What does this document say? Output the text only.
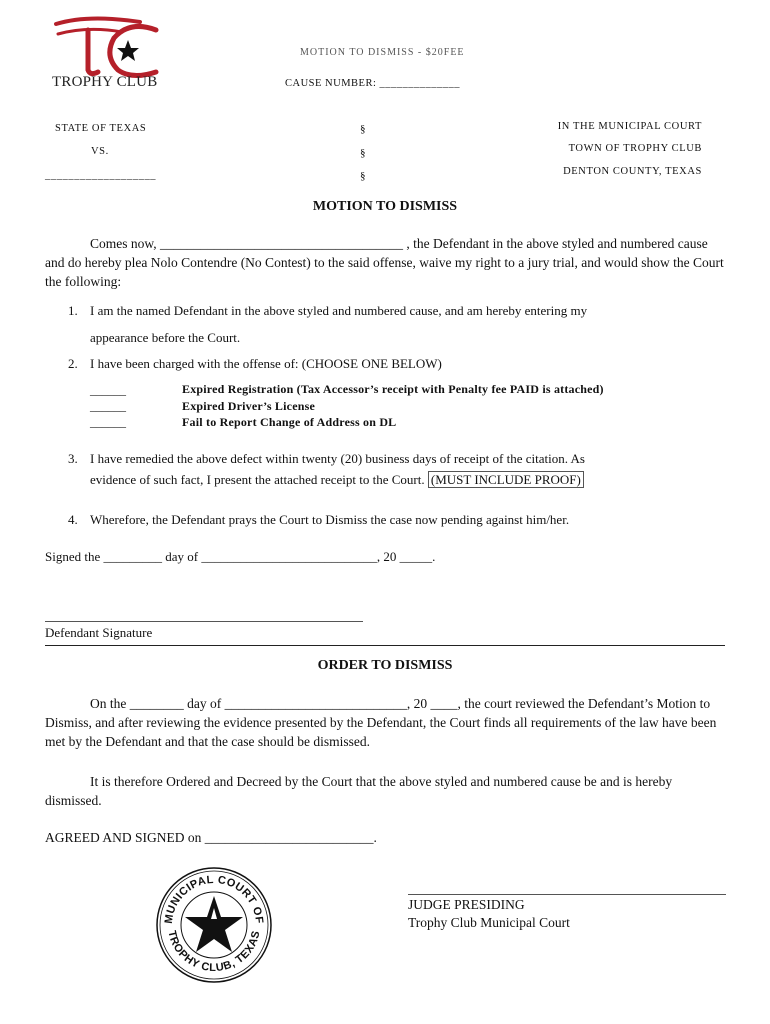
TROPHY CLUB
MOTION TO DISMISS - $20FEE
CAUSE NUMBER: ______________
STATE OF TEXAS
VS.
___________________
§
§
§
IN THE MUNICIPAL COURT
TOWN OF TROPHY CLUB
DENTON COUNTY, TEXAS
MOTION TO DISMISS

Comes now, ____________________________________ , the Defendant in the above styled and numbered cause and do hereby plea Nolo Contendre (No Contest) to the said offense, waive my right to a jury trial, and would show the Court the following:

1. I am the named Defendant in the above styled and numbered cause, and am hereby entering my
appearance before the Court.
2. I have been charged with the offense of: (CHOOSE ONE BELOW)
______	Expired Registration (Tax Accessor’s receipt with Penalty fee PAID is attached)
______	Expired Driver’s License
______	Fail to Report Change of Address on DL
3. I have remedied the above defect within twenty (20) business days of receipt of the citation. As
evidence of such fact, I present the attached receipt to the Court. (MUST INCLUDE PROOF)
4. Wherefore, the Defendant prays the Court to Dismiss the case now pending against him/her.
Signed the _________ day of ___________________________, 20 _____.
Defendant Signature
ORDER TO DISMISS

On the ________ day of ___________________________, 20 ____, the court reviewed the Defendant’s Motion to Dismiss, and after reviewing the evidence presented by the Defendant, the Court finds all requirements of the law have been met by the Defendant and that the case should be dismissed.

It is therefore Ordered and Decreed by the Court that the above styled and numbered cause be and is hereby dismissed.

AGREED AND SIGNED on _________________________.
MUNICIPAL COURT OF
TROPHY CLUB, TEXAS
JUDGE PRESIDING
Trophy Club Municipal Court
